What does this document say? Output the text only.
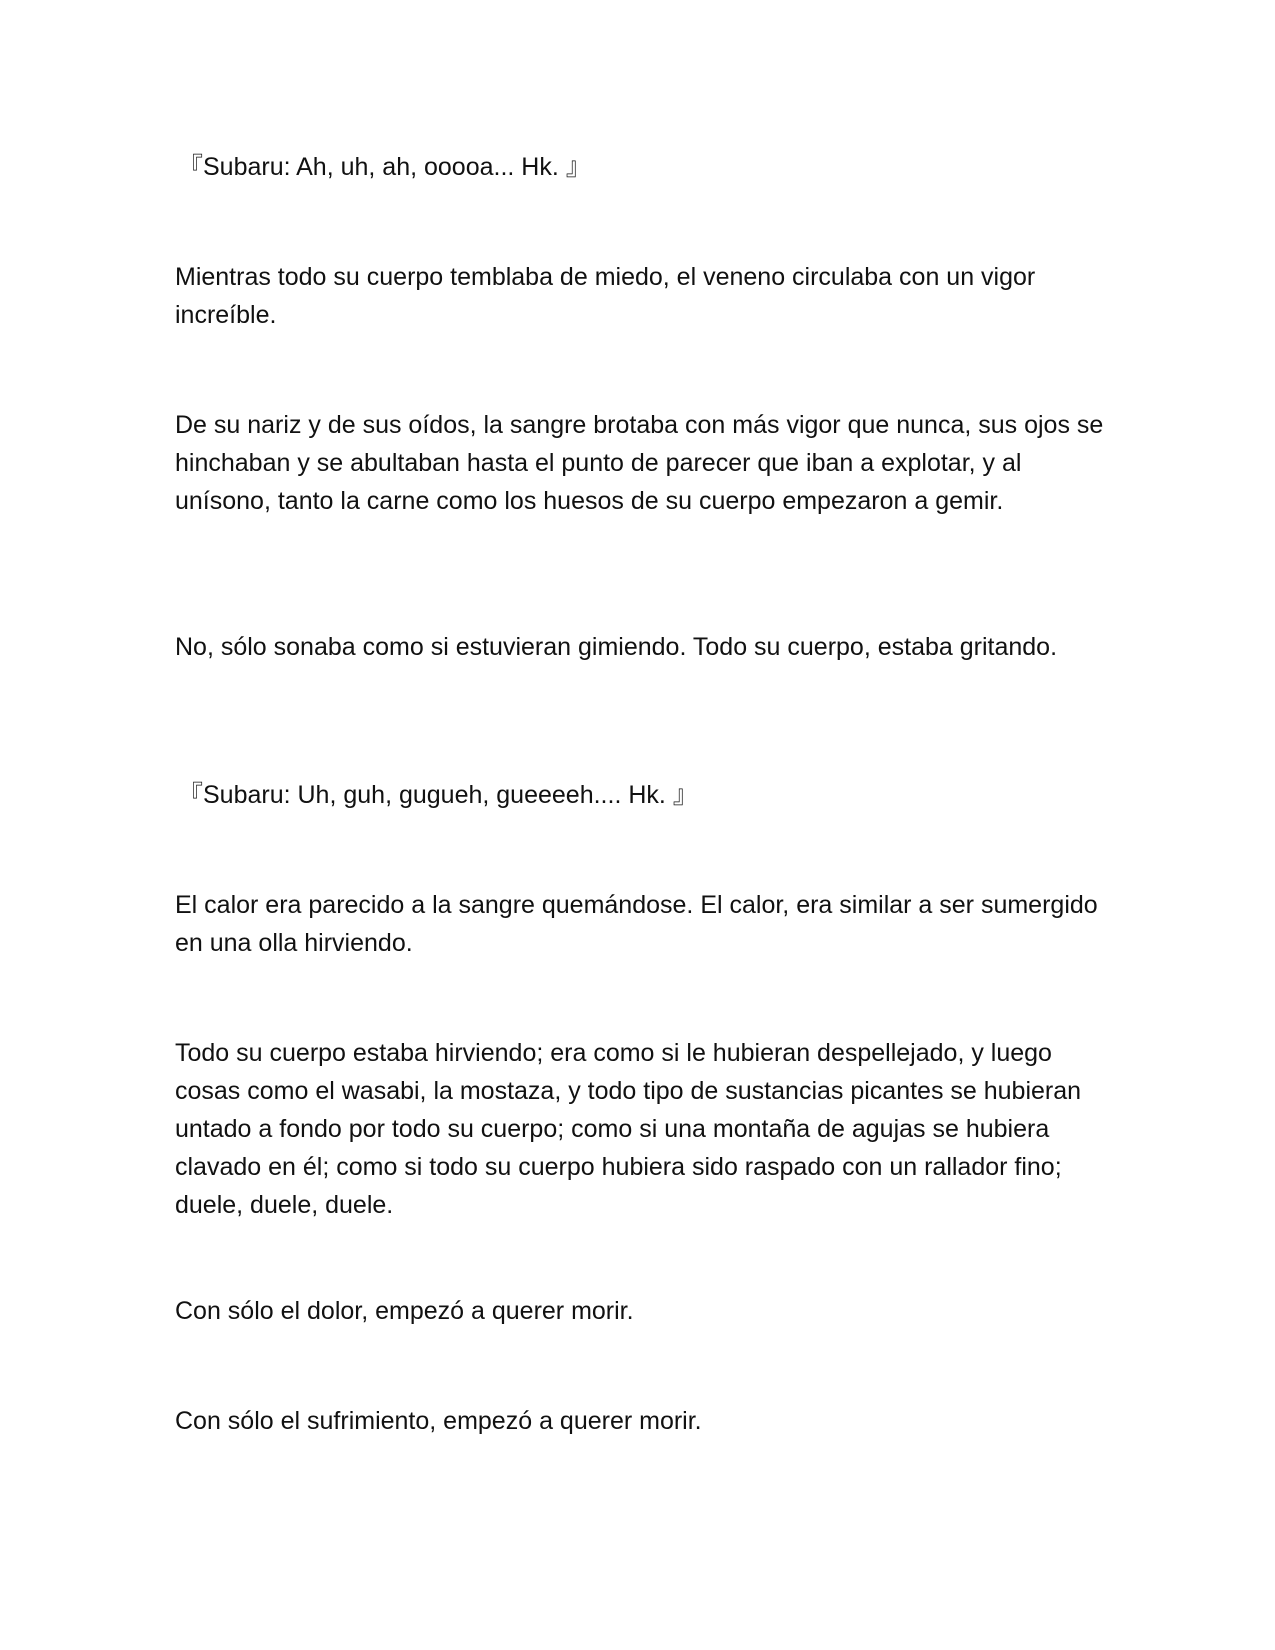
『Subaru: Ah, uh, ah, ooooa... Hk. 』

Mientras todo su cuerpo temblaba de miedo, el veneno circulaba con un vigor increíble.

De su nariz y de sus oídos, la sangre brotaba con más vigor que nunca, sus ojos se hinchaban y se abultaban hasta el punto de parecer que iban a explotar, y al unísono, tanto la carne como los huesos de su cuerpo empezaron a gemir.

No, sólo sonaba como si estuvieran gimiendo. Todo su cuerpo, estaba gritando.

『Subaru: Uh, guh, gugueh, gueeeeh.... Hk. 』

El calor era parecido a la sangre quemándose. El calor, era similar a ser sumergido en una olla hirviendo.

Todo su cuerpo estaba hirviendo; era como si le hubieran despellejado, y luego cosas como el wasabi, la mostaza, y todo tipo de sustancias picantes se hubieran untado a fondo por todo su cuerpo; como si una montaña de agujas se hubiera clavado en él; como si todo su cuerpo hubiera sido raspado con un rallador fino; duele, duele, duele.

Con sólo el dolor, empezó a querer morir.

Con sólo el sufrimiento, empezó a querer morir.
